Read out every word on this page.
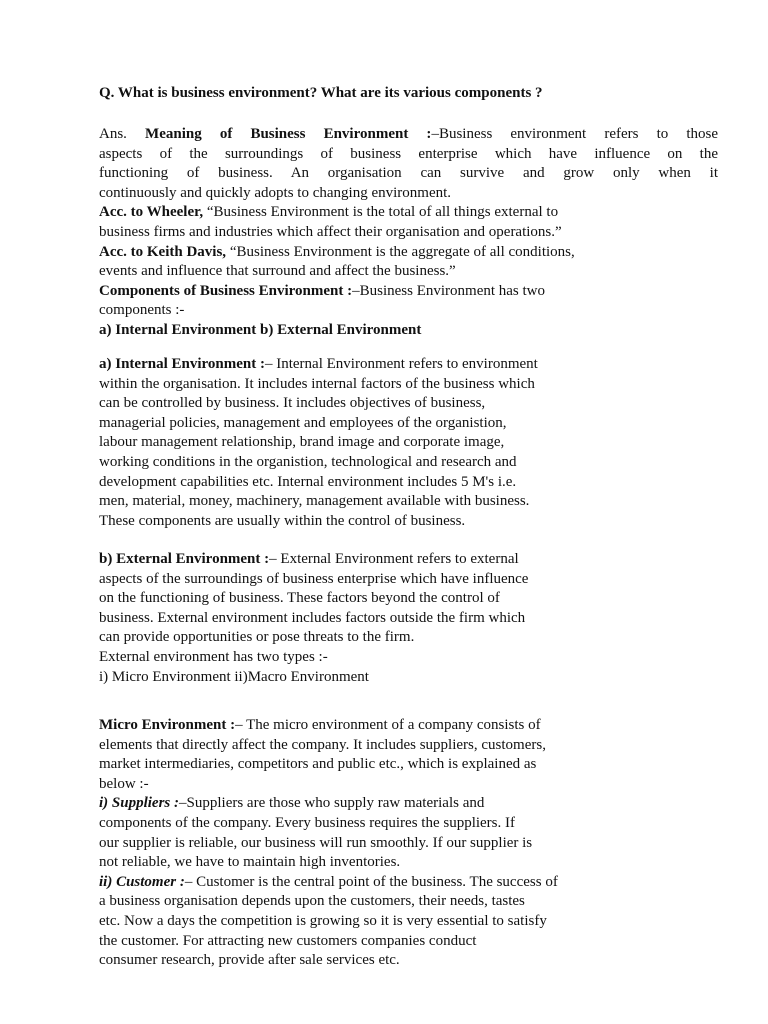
Q. What is business environment? What are its various components ?
Ans. Meaning of Business Environment :–Business environment refers to those
aspects of the surroundings of business enterprise which have influence on the
functioning of business. An organisation can survive and grow only when it
continuously and quickly adopts to changing environment.
Acc. to Wheeler, “Business Environment is the total of all things external to
business firms and industries which affect their organisation and operations.”
Acc. to Keith Davis, “Business Environment is the aggregate of all conditions,
events and influence that surround and affect the business.”
Components of Business Environment :–Business Environment has two
components :-
a) Internal Environment b) External Environment
a) Internal Environment :– Internal Environment refers to environment
within the organisation. It includes internal factors of the business which
can be controlled by business. It includes objectives of business,
managerial policies, management and employees of the organistion,
labour management relationship, brand image and corporate image,
working conditions in the organistion, technological and research and
development capabilities etc. Internal environment includes 5 M's i.e.
men, material, money, machinery, management available with business.
These components are usually within the control of business.
b) External Environment :– External Environment refers to external
aspects of the surroundings of business enterprise which have influence
on the functioning of business. These factors beyond the control of
business. External environment includes factors outside the firm which
can provide opportunities or pose threats to the firm.
External environment has two types :-
i) Micro Environment ii)Macro Environment
Micro Environment :– The micro environment of a company consists of
elements that directly affect the company. It includes suppliers, customers,
market intermediaries, competitors and public etc., which is explained as
below :-
i) Suppliers :–Suppliers are those who supply raw materials and
components of the company. Every business requires the suppliers. If
our supplier is reliable, our business will run smoothly. If our supplier is
not reliable, we have to maintain high inventories.
ii) Customer :– Customer is the central point of the business. The success of
a business organisation depends upon the customers, their needs, tastes
etc. Now a days the competition is growing so it is very essential to satisfy
the customer. For attracting new customers companies conduct
consumer research, provide after sale services etc.
